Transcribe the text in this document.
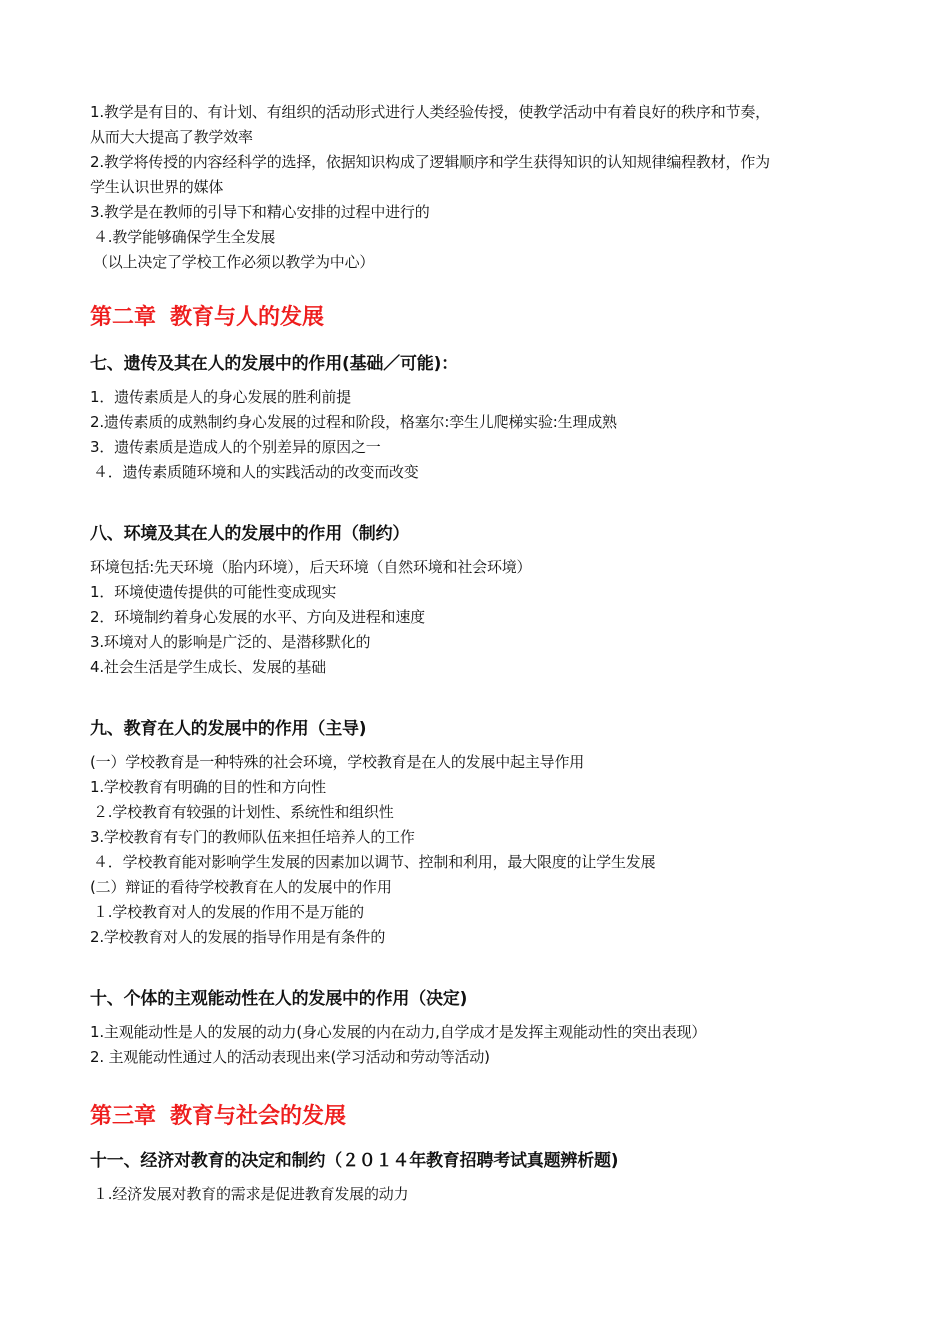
1.教学是有目的、有计划、有组织的活动形式进行人类经验传授，使教学活动中有着良好的秩序和节奏，
从而大大提高了教学效率
2.教学将传授的内容经科学的选择，依据知识构成了逻辑顺序和学生获得知识的认知规律编程教材，作为
学生认识世界的媒体
3.教学是在教师的引导下和精心安排的过程中进行的
４.教学能够确保学生全发展
（以上决定了学校工作必须以教学为中心）
第二章 教育与人的发展
七、遗传及其在人的发展中的作用(基础／可能)：
1．遗传素质是人的身心发展的胜利前提
2.遗传素质的成熟制约身心发展的过程和阶段，格塞尔:孪生儿爬梯实验:生理成熟
3．遗传素质是造成人的个别差异的原因之一
４．遗传素质随环境和人的实践活动的改变而改变
八、环境及其在人的发展中的作用（制约）
环境包括:先天环境（胎内环境），后天环境（自然环境和社会环境）
1．环境使遗传提供的可能性变成现实
2．环境制约着身心发展的水平、方向及进程和速度
3.环境对人的影响是广泛的、是潜移默化的
4.社会生活是学生成长、发展的基础
九、教育在人的发展中的作用（主导)
(一）学校教育是一种特殊的社会环境，学校教育是在人的发展中起主导作用
1.学校教育有明确的目的性和方向性
２.学校教育有较强的计划性、系统性和组织性
3.学校教育有专门的教师队伍来担任培养人的工作
４．学校教育能对影响学生发展的因素加以调节、控制和利用，最大限度的让学生发展
(二）辩证的看待学校教育在人的发展中的作用
１.学校教育对人的发展的作用不是万能的
2.学校教育对人的发展的指导作用是有条件的
十、个体的主观能动性在人的发展中的作用（决定)
1.主观能动性是人的发展的动力(身心发展的内在动力,自学成才是发挥主观能动性的突出表现）
2. 主观能动性通过人的活动表现出来(学习活动和劳动等活动)
第三章 教育与社会的发展
十一、经济对教育的决定和制约（２０１４年教育招聘考试真题辨析题)
１.经济发展对教育的需求是促进教育发展的动力
